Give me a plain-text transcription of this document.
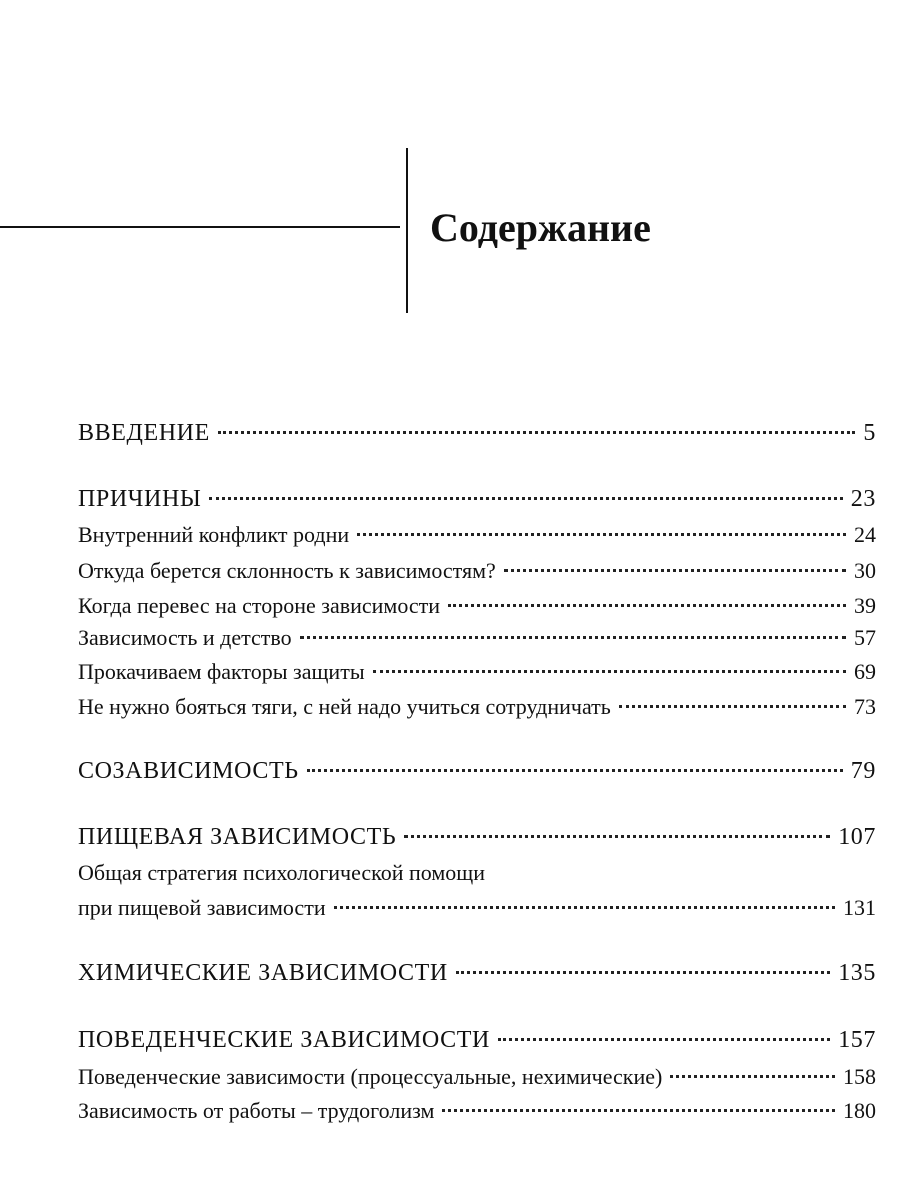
Содержание
ВВЕДЕНИЕ	5
ПРИЧИНЫ	23
Внутренний конфликт родни	24
Откуда берется склонность к зависимостям?	30
Когда перевес на стороне зависимости	39
Зависимость и детство	57
Прокачиваем факторы защиты	69
Не нужно бояться тяги, с ней надо учиться сотрудничать	73
СОЗАВИСИМОСТЬ	79
ПИЩЕВАЯ ЗАВИСИМОСТЬ	107
Общая стратегия психологической помощи
при пищевой зависимости	131
ХИМИЧЕСКИЕ ЗАВИСИМОСТИ	135
ПОВЕДЕНЧЕСКИЕ ЗАВИСИМОСТИ	157
Поведенческие зависимости (процессуальные, нехимические)	158
Зависимость от работы – трудоголизм	180
